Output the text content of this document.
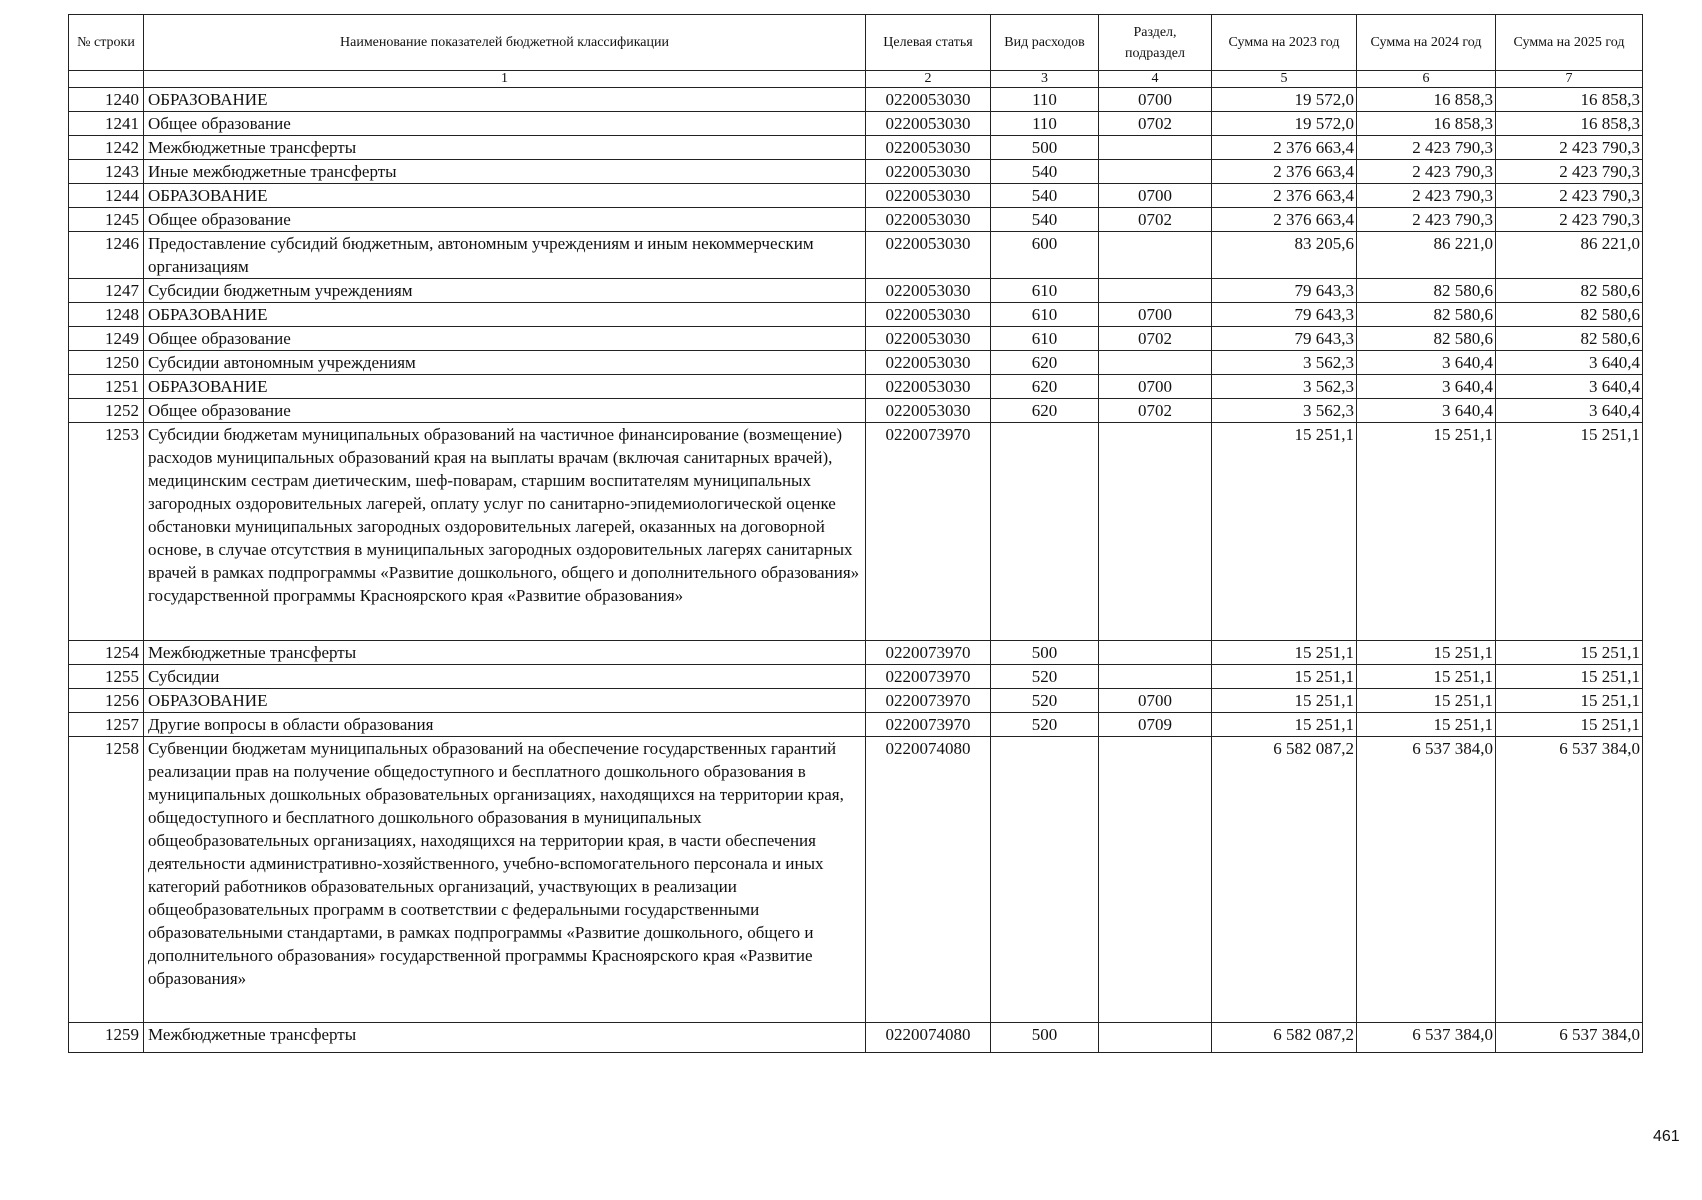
№ строки	Наименование показателей бюджетной классификации	Целевая статья	Вид расходов	Раздел, подраздел	Сумма на 2023 год	Сумма на 2024 год	Сумма на 2025 год
	1	2	3	4	5	6	7
1240	ОБРАЗОВАНИЕ	0220053030	110	0700	19 572,0	16 858,3	16 858,3
1241	Общее образование	0220053030	110	0702	19 572,0	16 858,3	16 858,3
1242	Межбюджетные трансферты	0220053030	500		2 376 663,4	2 423 790,3	2 423 790,3
1243	Иные межбюджетные трансферты	0220053030	540		2 376 663,4	2 423 790,3	2 423 790,3
1244	ОБРАЗОВАНИЕ	0220053030	540	0700	2 376 663,4	2 423 790,3	2 423 790,3
1245	Общее образование	0220053030	540	0702	2 376 663,4	2 423 790,3	2 423 790,3
1246	Предоставление субсидий бюджетным, автономным учреждениям и иным некоммерческим организациям	0220053030	600		83 205,6	86 221,0	86 221,0
1247	Субсидии бюджетным учреждениям	0220053030	610		79 643,3	82 580,6	82 580,6
1248	ОБРАЗОВАНИЕ	0220053030	610	0700	79 643,3	82 580,6	82 580,6
1249	Общее образование	0220053030	610	0702	79 643,3	82 580,6	82 580,6
1250	Субсидии автономным учреждениям	0220053030	620		3 562,3	3 640,4	3 640,4
1251	ОБРАЗОВАНИЕ	0220053030	620	0700	3 562,3	3 640,4	3 640,4
1252	Общее образование	0220053030	620	0702	3 562,3	3 640,4	3 640,4
1253	Субсидии бюджетам муниципальных образований на частичное финансирование (возмещение) расходов муниципальных образований края на выплаты врачам (включая санитарных врачей), медицинским сестрам диетическим, шеф-поварам, старшим воспитателям муниципальных загородных оздоровительных лагерей, оплату услуг по санитарно-эпидемиологической оценке обстановки муниципальных загородных оздоровительных лагерей, оказанных на договорной основе, в случае отсутствия в муниципальных загородных оздоровительных лагерях санитарных врачей в рамках подпрограммы «Развитие дошкольного, общего и дополнительного образования» государственной программы Красноярского края «Развитие образования»	0220073970			15 251,1	15 251,1	15 251,1
1254	Межбюджетные трансферты	0220073970	500		15 251,1	15 251,1	15 251,1
1255	Субсидии	0220073970	520		15 251,1	15 251,1	15 251,1
1256	ОБРАЗОВАНИЕ	0220073970	520	0700	15 251,1	15 251,1	15 251,1
1257	Другие вопросы в области образования	0220073970	520	0709	15 251,1	15 251,1	15 251,1
1258	Субвенции бюджетам муниципальных образований на обеспечение государственных гарантий реализации прав на получение общедоступного и бесплатного дошкольного образования в муниципальных дошкольных образовательных организациях, находящихся на территории края, общедоступного и бесплатного дошкольного образования в муниципальных общеобразовательных организациях, находящихся на территории края, в части обеспечения деятельности административно-хозяйственного, учебно-вспомогательного персонала и иных категорий работников образовательных организаций, участвующих в реализации общеобразовательных программ в соответствии с федеральными государственными образовательными стандартами, в рамках подпрограммы «Развитие дошкольного, общего и дополнительного образования» государственной программы Красноярского края «Развитие образования»	0220074080			6 582 087,2	6 537 384,0	6 537 384,0
1259	Межбюджетные трансферты	0220074080	500		6 582 087,2	6 537 384,0	6 537 384,0
461
